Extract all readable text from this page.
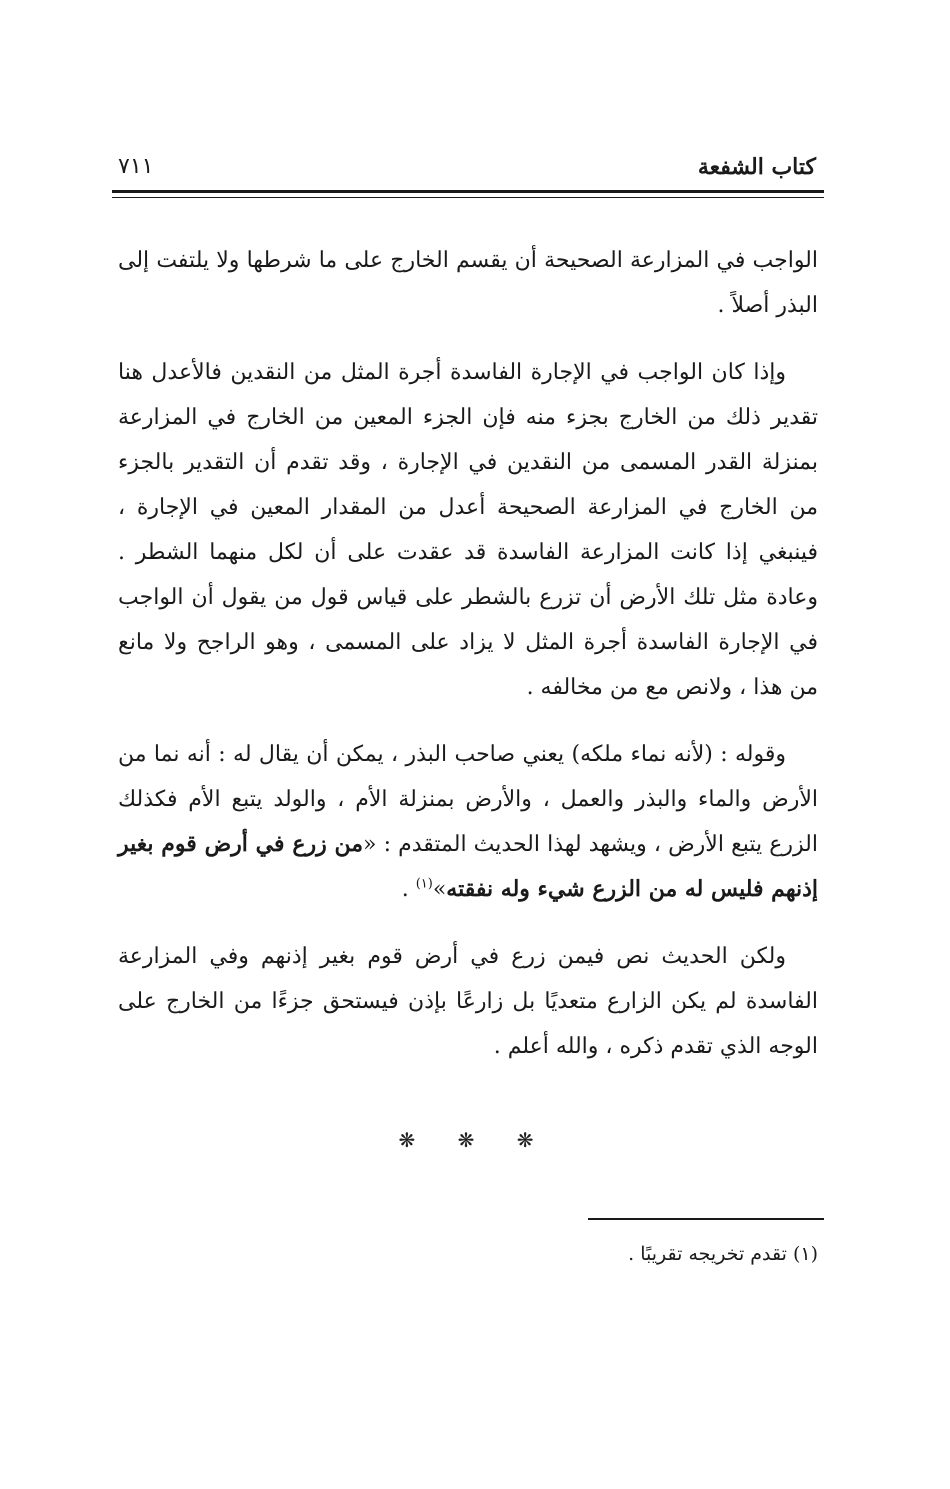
كتاب الشفعة
٧١١

الواجب في المزارعة الصحيحة أن يقسم الخارج على ما شرطها ولا يلتفت إلى البذر أصلاً .

وإذا كان الواجب في الإجارة الفاسدة أجرة المثل من النقدين فالأعدل هنا تقدير ذلك من الخارج بجزء منه فإن الجزء المعين من الخارج في المزارعة بمنزلة القدر المسمى من النقدين في الإجارة ، وقد تقدم أن التقدير بالجزء من الخارج في المزارعة الصحيحة أعدل من المقدار المعين في الإجارة ، فينبغي إذا كانت المزارعة الفاسدة قد عقدت على أن لكل منهما الشطر . وعادة مثل تلك الأرض أن تزرع بالشطر على قياس قول من يقول أن الواجب في الإجارة الفاسدة أجرة المثل لا يزاد على المسمى ، وهو الراجح ولا مانع من هذا ، ولانص مع من مخالفه .

وقوله : (لأنه نماء ملكه) يعني صاحب البذر ، يمكن أن يقال له : أنه نما من الأرض والماء والبذر والعمل ، والأرض بمنزلة الأم ، والولد يتبع الأم فكذلك الزرع يتبع الأرض ، ويشهد لهذا الحديث المتقدم : «من زرع في أرض قوم بغير إذنهم فليس له من الزرع شيء وله نفقته»$^{(١)}$ .

ولكن الحديث نص فيمن زرع في أرض قوم بغير إذنهم وفي المزارعة الفاسدة لم يكن الزارع متعديًا بل زارعًا بإذن فيستحق جزءًا من الخارج على الوجه الذي تقدم ذكره ، والله أعلم .

❋ ❋ ❋
(١) تقدم تخريجه تقريبًا .
